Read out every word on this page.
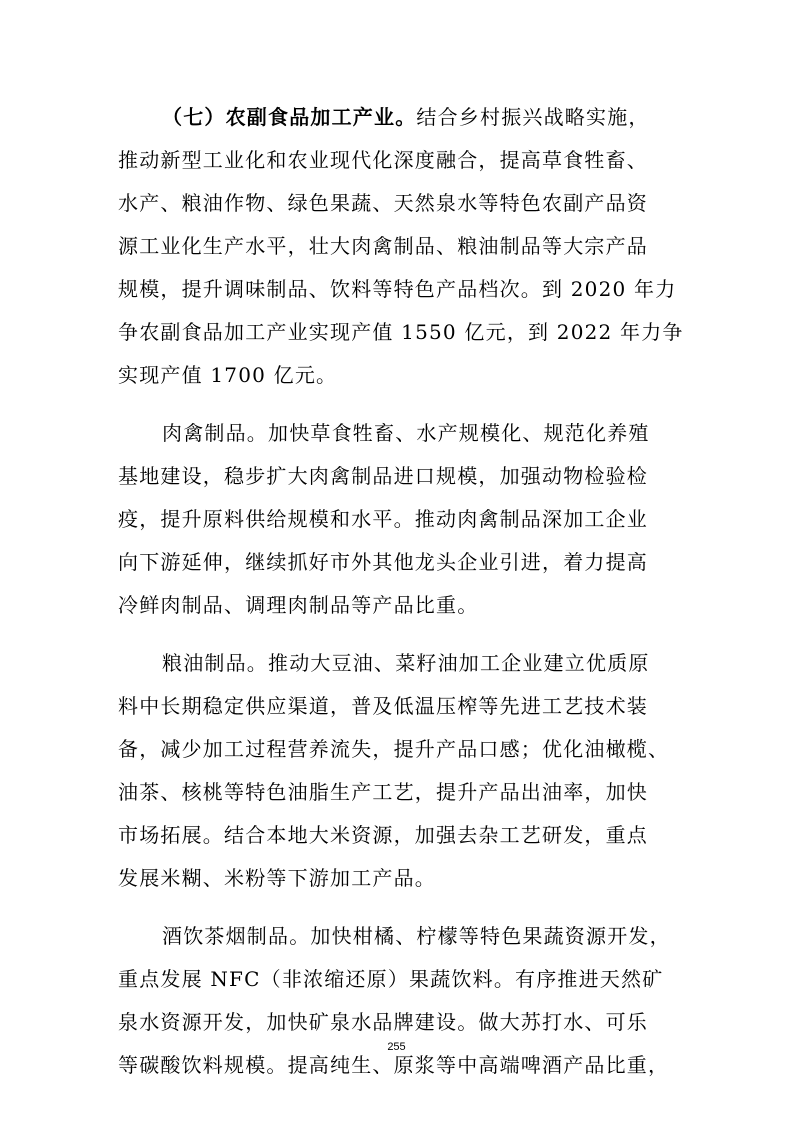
（七）农副食品加工产业。结合乡村振兴战略实施，
推动新型工业化和农业现代化深度融合，提高草食牲畜、
水产、粮油作物、绿色果蔬、天然泉水等特色农副产品资
源工业化生产水平，壮大肉禽制品、粮油制品等大宗产品
规模，提升调味制品、饮料等特色产品档次。到 2020 年力
争农副食品加工产业实现产值 1550 亿元，到 2022 年力争
实现产值 1700 亿元。
肉禽制品。加快草食牲畜、水产规模化、规范化养殖
基地建设，稳步扩大肉禽制品进口规模，加强动物检验检
疫，提升原料供给规模和水平。推动肉禽制品深加工企业
向下游延伸，继续抓好市外其他龙头企业引进，着力提高
冷鲜肉制品、调理肉制品等产品比重。
粮油制品。推动大豆油、菜籽油加工企业建立优质原
料中长期稳定供应渠道，普及低温压榨等先进工艺技术装
备，减少加工过程营养流失，提升产品口感；优化油橄榄、
油茶、核桃等特色油脂生产工艺，提升产品出油率，加快
市场拓展。结合本地大米资源，加强去杂工艺研发，重点
发展米糊、米粉等下游加工产品。
酒饮茶烟制品。加快柑橘、柠檬等特色果蔬资源开发，
重点发展 NFC（非浓缩还原）果蔬饮料。有序推进天然矿
泉水资源开发，加快矿泉水品牌建设。做大苏打水、可乐
等碳酸饮料规模。提高纯生、原浆等中高端啤酒产品比重，
255
